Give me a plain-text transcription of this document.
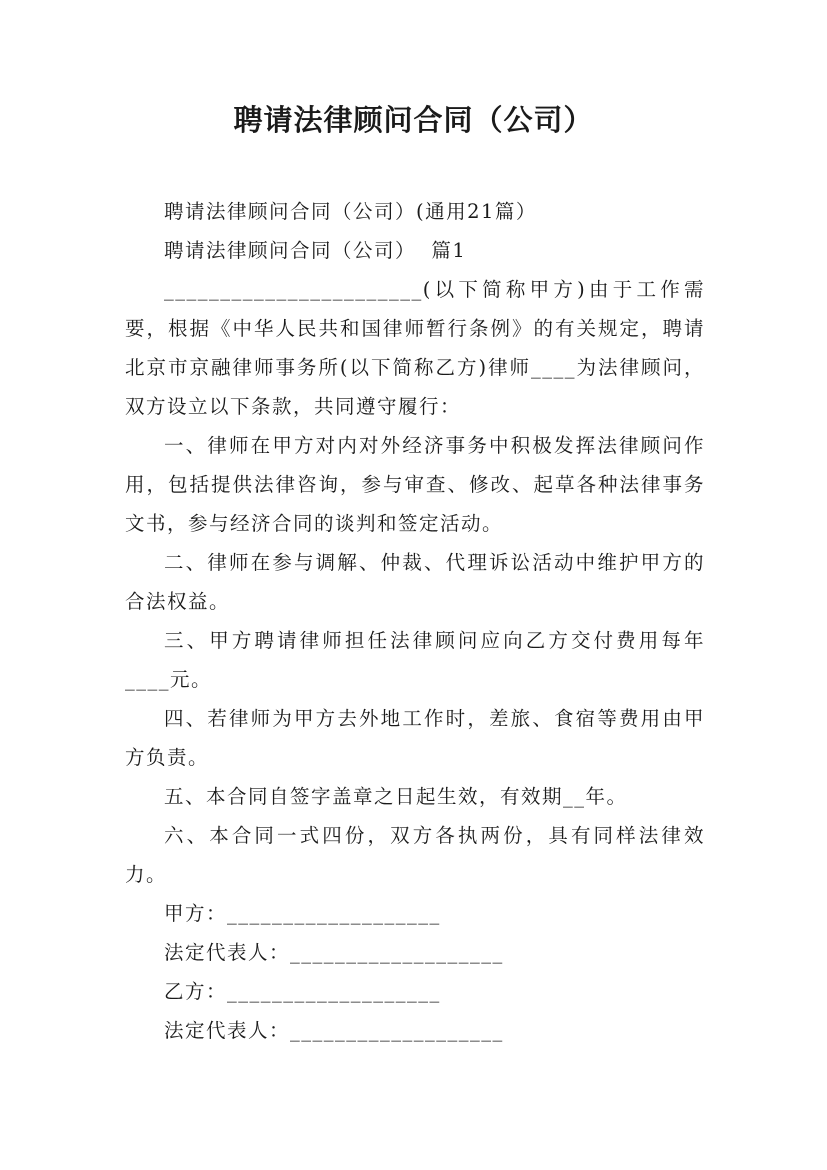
聘请法律顾问合同（公司）

聘请法律顾问合同（公司）(通用21篇）

聘请法律顾问合同（公司）  篇1

_______________________(以下简称甲方)由于工作需要，根据《中华人民共和国律师暂行条例》的有关规定，聘请北京市京融律师事务所(以下简称乙方)律师____为法律顾问，双方设立以下条款，共同遵守履行：

一、律师在甲方对内对外经济事务中积极发挥法律顾问作用，包括提供法律咨询，参与审查、修改、起草各种法律事务文书，参与经济合同的谈判和签定活动。

二、律师在参与调解、仲裁、代理诉讼活动中维护甲方的合法权益。

三、甲方聘请律师担任法律顾问应向乙方交付费用每年____元。

四、若律师为甲方去外地工作时，差旅、食宿等费用由甲方负责。

五、本合同自签字盖章之日起生效，有效期__年。

六、本合同一式四份，双方各执两份，具有同样法律效力。

甲方：___________________

法定代表人：___________________

乙方：___________________

法定代表人：___________________
